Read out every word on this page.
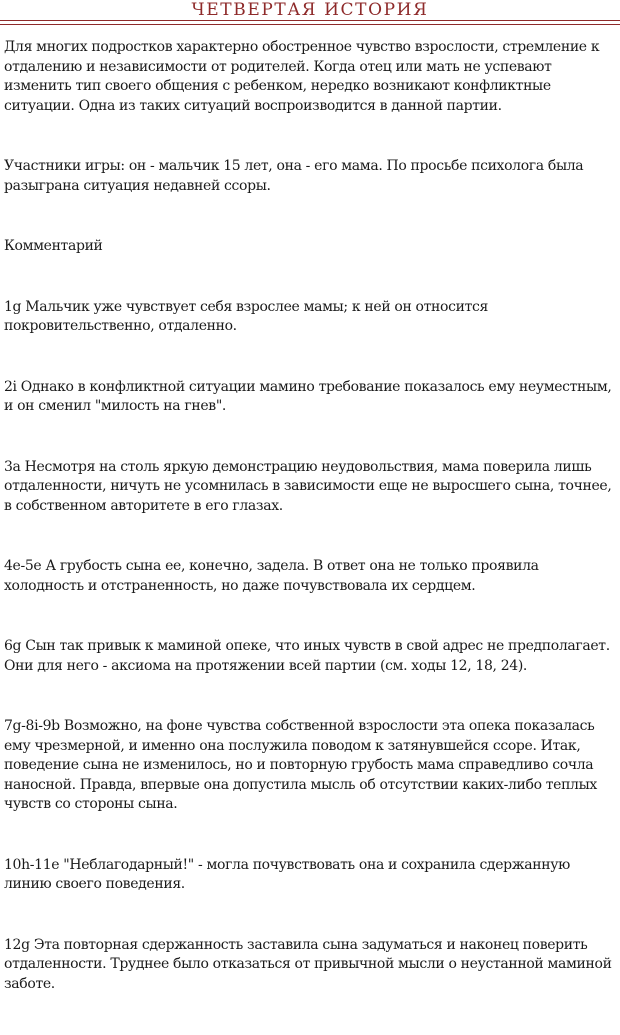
ЧЕТВЕРТАЯ ИСТОРИЯ

Для многих подростков характерно обостренное чувство взрослости, стремление к отдалению и независимости от родителей. Когда отец или мать не успевают изменить тип своего общения с ребенком, нередко возникают конфликтные ситуации. Одна из таких ситуаций воспроизводится в данной партии.

Участники игры: он - мальчик 15 лет, она - его мама. По просьбе психолога была разыграна ситуация недавней ссоры.

Комментарий

1g Мальчик уже чувствует себя взрослее мамы; к ней он относится покровительственно, отдаленно.

2i Однако в конфликтной ситуации мамино требование показалось ему неуместным, и он сменил "милость на гнев".

3a Несмотря на столь яркую демонстрацию неудовольствия, мама поверила лишь отдаленности, ничуть не усомнилась в зависимости еще не выросшего сына, точнее, в собственном авторитете в его глазах.

4e-5e А грубость сына ее, конечно, задела. В ответ она не только проявила холодность и отстраненность, но даже почувствовала их сердцем.

6g Сын так привык к маминой опеке, что иных чувств в свой адрес не предполагает. Они для него - аксиома на протяжении всей партии (см. ходы 12, 18, 24).

7g-8i-9b Возможно, на фоне чувства собственной взрослости эта опека показалась ему чрезмерной, и именно она послужила поводом к затянувшейся ссоре. Итак, поведение сына не изменилось, но и повторную грубость мама справедливо сочла наносной. Правда, впервые она допустила мысль об отсутствии каких-либо теплых чувств со стороны сына.

10h-11e "Неблагодарный!" - могла почувствовать она и сохранила сдержанную линию своего поведения.

12g Эта повторная сдержанность заставила сына задуматься и наконец поверить отдаленности. Труднее было отказаться от привычной мысли о неустанной маминой заботе.
